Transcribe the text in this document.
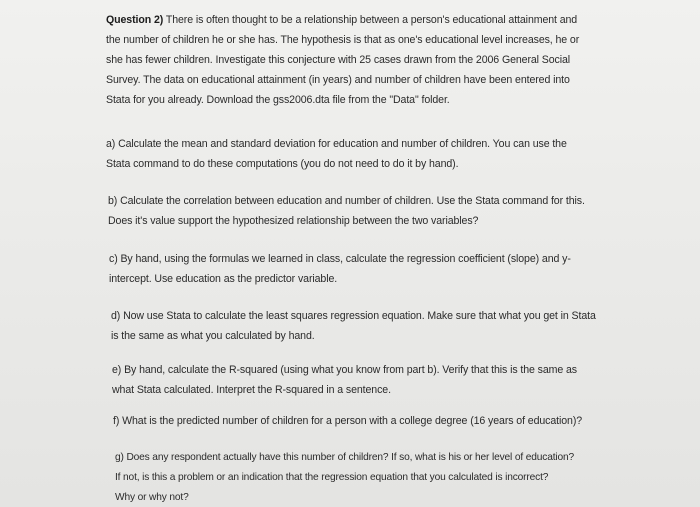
Question 2) There is often thought to be a relationship between a person's educational attainment and
the number of children he or she has. The hypothesis is that as one's educational level increases, he or
she has fewer children. Investigate this conjecture with 25 cases drawn from the 2006 General Social
Survey. The data on educational attainment (in years) and number of children have been entered into
Stata for you already. Download the gss2006.dta file from the "Data" folder.
a) Calculate the mean and standard deviation for education and number of children. You can use the
Stata command to do these computations (you do not need to do it by hand).
b) Calculate the correlation between education and number of children. Use the Stata command for this.
Does it's value support the hypothesized relationship between the two variables?
c) By hand, using the formulas we learned in class, calculate the regression coefficient (slope) and y-
intercept. Use education as the predictor variable.
d) Now use Stata to calculate the least squares regression equation. Make sure that what you get in Stata
is the same as what you calculated by hand.
e) By hand, calculate the R-squared (using what you know from part b). Verify that this is the same as
what Stata calculated. Interpret the R-squared in a sentence.
f) What is the predicted number of children for a person with a college degree (16 years of education)?
g) Does any respondent actually have this number of children? If so, what is his or her level of education?
If not, is this a problem or an indication that the regression equation that you calculated is incorrect?
Why or why not?
